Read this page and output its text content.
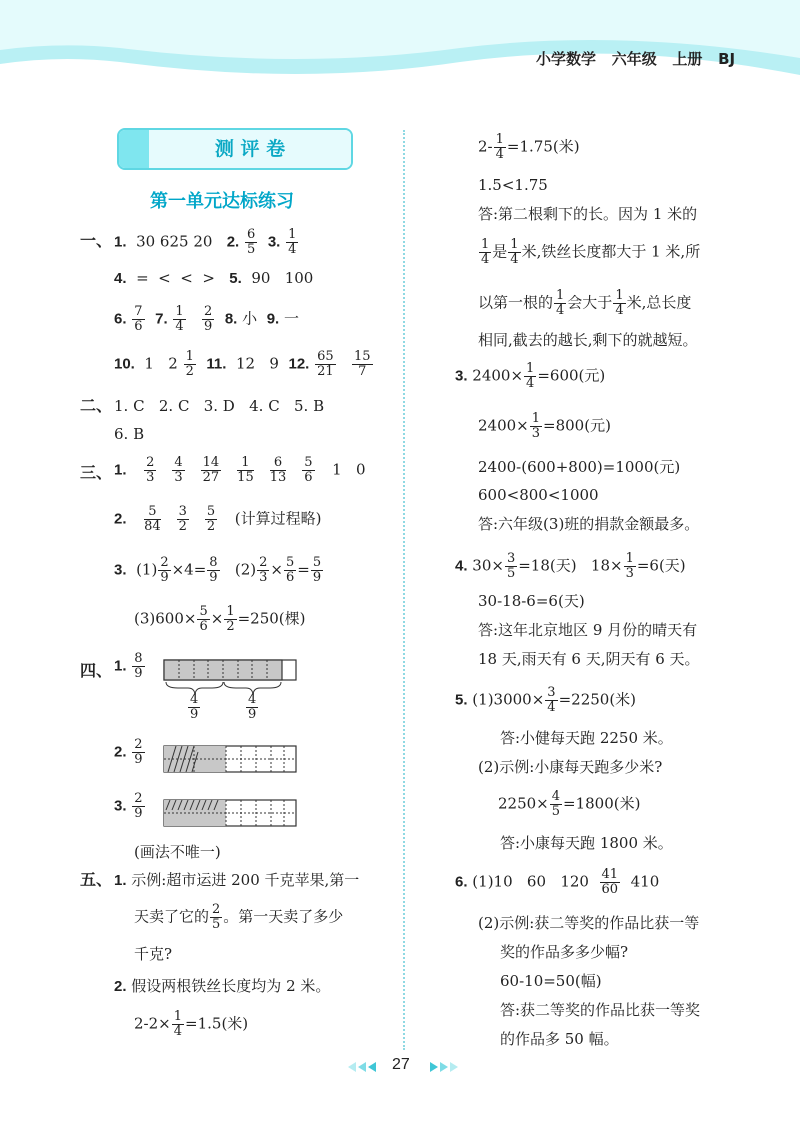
小学数学 六年级 上册 BJ
测 评 卷
第一单元达标练习
一、 1. 30 625 20 2. $\frac{6}{5} 3$. $\frac{1}{4}$
4. =  <  <  > 5. 90   100
6. $\frac{7}{6} 7$. $\frac{1}{4}$
$\frac{2}{9} 8$. 小 9. 一
10. 1 $2 \frac{1}{2} 11$. 12   9 12. $\frac{65}{21}$
$\frac{15}{7}$
二、 1. C   2. C   3. D   4. C   5. B
6. B
三、 1. $\frac{2}{3} \frac{4}{3} \frac{14}{27} \frac{1}{15} \frac{6}{13} \frac{5}{6} 1$   0
2. $\frac{5}{84} \frac{3}{2} \frac{5}{2}$ (计算过程略)
3. $(1) \frac{2}{9} \times 4= \frac{8}{9} (2) \frac{2}{3} \times \frac{5}{6} = \frac{5}{9}$
$(3)600\times \frac{5}{6} \times \frac{1}{2} =250$(棵)
四、 1. $\frac{8}{9}$
4
9
4
9
2. $\frac{2}{9}$
3. $\frac{2}{9}$
(画法不唯一)
五、 1. 示例:超市运进 200 千克苹果,第一
天卖了它的 $\frac{2}{5}$ 。第一天卖了多少
千克?
2. 假设两根铁丝长度均为 2 米。
$2-2\times \frac{1}{4} =1.5$(米)
$2- \frac{1}{4} =1.75$(米)
1.5<1.75
答:第二根剩下的长。因为 1 米的
$\frac{1}{4}$ 是 $\frac{1}{4}$ 米,铁丝长度都大于 1 米,所
以第一根的 $\frac{1}{4}$ 会大于 $\frac{1}{4}$ 米,总长度
相同,截去的越长,剩下的就越短。
3. $2400\times \frac{1}{4} =600$(元)
$2400\times \frac{1}{3} =800$(元)
2400-(600+800)=1000(元)
600<800<1000
答:六年级(3)班的捐款金额最多。
4. $30\times \frac{3}{5} =18$(天)   $18\times \frac{1}{3} =6$(天)
30-18-6=6(天)
答:这年北京地区 9 月份的晴天有
18 天,雨天有 6 天,阴天有 6 天。
5. $(1)3000\times \frac{3}{4} =2250$(米)
答:小健每天跑 2250 米。
(2)示例:小康每天跑多少米?
$2250\times \frac{4}{5} =1800$(米)
答:小康每天跑 1800 米。
6. (1)10   60   $120 \frac{41}{60} 410$
(2)示例:获二等奖的作品比获一等
奖的作品多多少幅?
60-10=50(幅)
答:获二等奖的作品比获一等奖
的作品多 50 幅。
27
